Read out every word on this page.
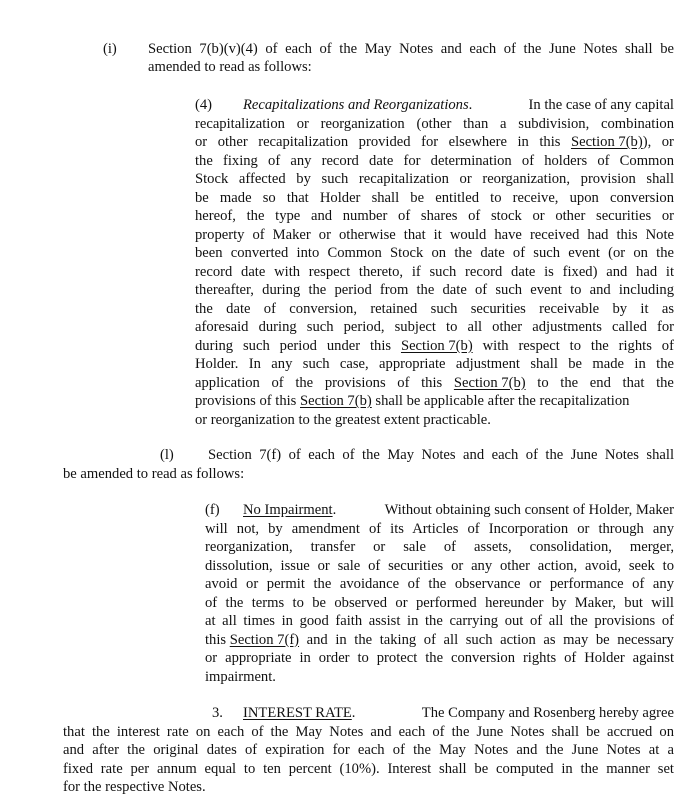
(i) Section 7(b)(v)(4) of each of the May Notes and each of the June Notes shall be
amended to read as follows:
(4) Recapitalizations and Reorganizations.	In the case of any capital
recapitalization or reorganization (other than a subdivision, combination
or other recapitalization provided for elsewhere in this Section 7(b)), or
the fixing of any record date for determination of holders of Common
Stock affected by such recapitalization or reorganization, provision shall
be made so that Holder shall be entitled to receive, upon conversion
hereof, the type and number of shares of stock or other securities or
property of Maker or otherwise that it would have received had this Note
been converted into Common Stock on the date of such event (or on the
record date with respect thereto, if such record date is fixed) and had it
thereafter, during the period from the date of such event to and including
the date of conversion, retained such securities receivable by it as
aforesaid during such period, subject to all other adjustments called for
during such period under this Section 7(b) with respect to the rights of
Holder. In any such case, appropriate adjustment shall be made in the
application of the provisions of this Section 7(b) to the end that the
provisions of this Section 7(b) shall be applicable after the recapitalization
or reorganization to the greatest extent practicable.
(l) Section 7(f) of each of the May Notes and each of the June Notes shall
be amended to read as follows:
(f) No Impairment.	Without obtaining such consent of Holder, Maker
will not, by amendment of its Articles of Incorporation or through any
reorganization, transfer or sale of assets, consolidation, merger,
dissolution, issue or sale of securities or any other action, avoid, seek to
avoid or permit the avoidance of the observance or performance of any
of the terms to be observed or performed hereunder by Maker, but will
at all times in good faith assist in the carrying out of all the provisions of
this Section 7(f) and in the taking of all such action as may be necessary
or appropriate in order to protect the conversion rights of Holder against
impairment.
3. INTEREST RATE.	The Company and Rosenberg hereby agree
that the interest rate on each of the May Notes and each of the June Notes shall be accrued on
and after the original dates of expiration for each of the May Notes and the June Notes at a
fixed rate per annum equal to ten percent (10%). Interest shall be computed in the manner set
for the respective Notes.
